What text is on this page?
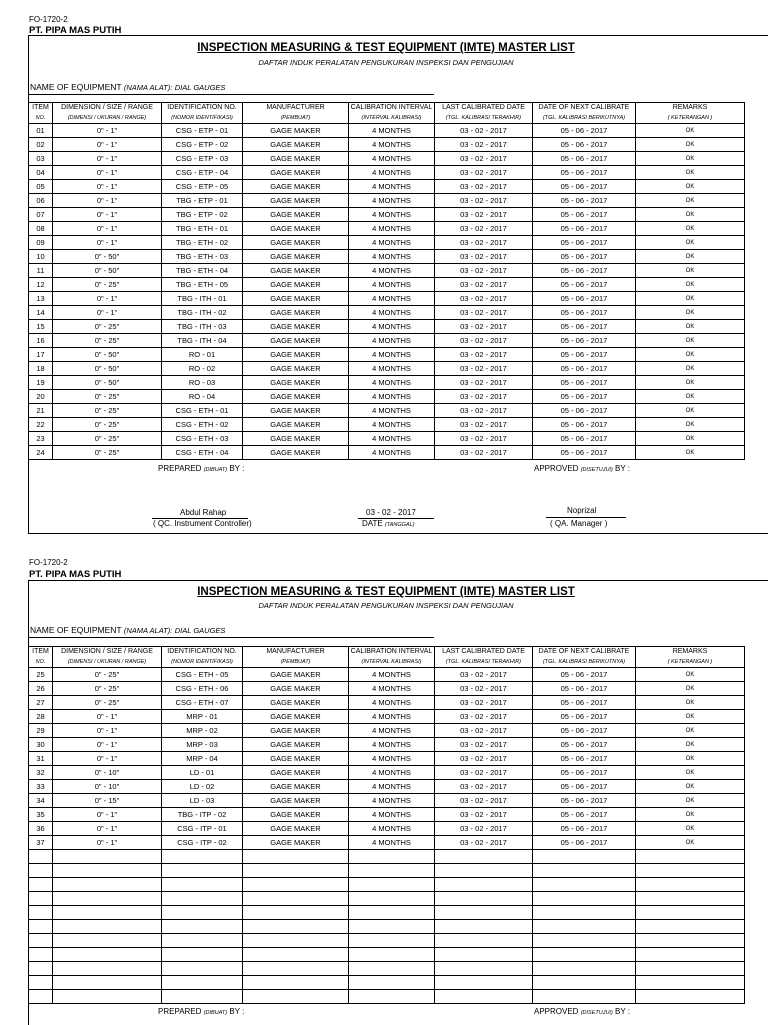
FO-1720-2
PT. PIPA MAS PUTIH
INSPECTION MEASURING & TEST EQUIPMENT (IMTE) MASTER LIST
DAFTAR INDUK PERALATAN PENGUKURAN INSPEKSI DAN PENGUJIAN
NAME OF EQUIPMENT (NAMA ALAT): DIAL GAUGES
ITEM	DIMENSION / SIZE / RANGE	IDENTIFICATION NO.	MANUFACTURER	CALIBRATION INTERVAL	LAST CALIBRATED DATE	DATE OF NEXT CALIBRATE	REMARKS
NO.	(DIMENSI / UKURAN / RANGE)	(NOMOR IDENTIFIKASI)	(PEMBUAT)	(INTERVAL KALIBRASI)	(TGL. KALIBRASI TERAKHIR)	(TGL. KALIBRASI BERIKUTNYA)	( KETERANGAN )
01	0" - 1"	CSG - ETP - 01	GAGE MAKER	4 MONTHS	03 - 02 - 2017	05 - 06 - 2017	OK
02	0" - 1"	CSG - ETP - 02	GAGE MAKER	4 MONTHS	03 - 02 - 2017	05 - 06 - 2017	OK
03	0" - 1"	CSG - ETP - 03	GAGE MAKER	4 MONTHS	03 - 02 - 2017	05 - 06 - 2017	OK
04	0" - 1"	CSG - ETP - 04	GAGE MAKER	4 MONTHS	03 - 02 - 2017	05 - 06 - 2017	OK
05	0" - 1"	CSG - ETP - 05	GAGE MAKER	4 MONTHS	03 - 02 - 2017	05 - 06 - 2017	OK
06	0" - 1"	TBG - ETP - 01	GAGE MAKER	4 MONTHS	03 - 02 - 2017	05 - 06 - 2017	OK
07	0" - 1"	TBG - ETP - 02	GAGE MAKER	4 MONTHS	03 - 02 - 2017	05 - 06 - 2017	OK
08	0" - 1"	TBG - ETH - 01	GAGE MAKER	4 MONTHS	03 - 02 - 2017	05 - 06 - 2017	OK
09	0" - 1"	TBG - ETH - 02	GAGE MAKER	4 MONTHS	03 - 02 - 2017	05 - 06 - 2017	OK
10	0" - 50"	TBG - ETH - 03	GAGE MAKER	4 MONTHS	03 - 02 - 2017	05 - 06 - 2017	OK
11	0" - 50"	TBG - ETH - 04	GAGE MAKER	4 MONTHS	03 - 02 - 2017	05 - 06 - 2017	OK
12	0" - 25"	TBG - ETH - 05	GAGE MAKER	4 MONTHS	03 - 02 - 2017	05 - 06 - 2017	OK
13	0" - 1"	TBG - ITH - 01	GAGE MAKER	4 MONTHS	03 - 02 - 2017	05 - 06 - 2017	OK
14	0" - 1"	TBG - ITH - 02	GAGE MAKER	4 MONTHS	03 - 02 - 2017	05 - 06 - 2017	OK
15	0" - 25"	TBG - ITH - 03	GAGE MAKER	4 MONTHS	03 - 02 - 2017	05 - 06 - 2017	OK
16	0" - 25"	TBG - ITH - 04	GAGE MAKER	4 MONTHS	03 - 02 - 2017	05 - 06 - 2017	OK
17	0" - 50"	RO - 01	GAGE MAKER	4 MONTHS	03 - 02 - 2017	05 - 06 - 2017	OK
18	0" - 50"	RO - 02	GAGE MAKER	4 MONTHS	03 - 02 - 2017	05 - 06 - 2017	OK
19	0" - 50"	RO - 03	GAGE MAKER	4 MONTHS	03 - 02 - 2017	05 - 06 - 2017	OK
20	0" - 25"	RO - 04	GAGE MAKER	4 MONTHS	03 - 02 - 2017	05 - 06 - 2017	OK
21	0" - 25"	CSG - ETH - 01	GAGE MAKER	4 MONTHS	03 - 02 - 2017	05 - 06 - 2017	OK
22	0" - 25"	CSG - ETH - 02	GAGE MAKER	4 MONTHS	03 - 02 - 2017	05 - 06 - 2017	OK
23	0" - 25"	CSG - ETH - 03	GAGE MAKER	4 MONTHS	03 - 02 - 2017	05 - 06 - 2017	OK
24	0" - 25"	CSG - ETH - 04	GAGE MAKER	4 MONTHS	03 - 02 - 2017	05 - 06 - 2017	OK
PREPARED (DIBUAT) BY :	APPROVED (DISETUJUI) BY :
Abdul Rahap
( QC. Instrument Controller)
03 - 02 - 2017
DATE (TANGGAL)
Noprizal
( QA. Manager )
FO-1720-2
PT. PIPA MAS PUTIH
INSPECTION MEASURING & TEST EQUIPMENT (IMTE) MASTER LIST
DAFTAR INDUK PERALATAN PENGUKURAN INSPEKSI DAN PENGUJIAN
NAME OF EQUIPMENT (NAMA ALAT): DIAL GAUGES
ITEM	DIMENSION / SIZE / RANGE	IDENTIFICATION NO.	MANUFACTURER	CALIBRATION INTERVAL	LAST CALIBRATED DATE	DATE OF NEXT CALIBRATE	REMARKS
NO.	(DIMENSI / UKURAN / RANGE)	(NOMOR IDENTIFIKASI)	(PEMBUAT)	(INTERVAL KALIBRASI)	(TGL. KALIBRASI TERAKHIR)	(TGL. KALIBRASI BERIKUTNYA)	( KETERANGAN )
25	0" - 25"	CSG - ETH - 05	GAGE MAKER	4 MONTHS	03 - 02 - 2017	05 - 06 - 2017	OK
26	0" - 25"	CSG - ETH - 06	GAGE MAKER	4 MONTHS	03 - 02 - 2017	05 - 06 - 2017	OK
27	0" - 25"	CSG - ETH - 07	GAGE MAKER	4 MONTHS	03 - 02 - 2017	05 - 06 - 2017	OK
28	0" - 1"	MRP - 01	GAGE MAKER	4 MONTHS	03 - 02 - 2017	05 - 06 - 2017	OK
29	0" - 1"	MRP - 02	GAGE MAKER	4 MONTHS	03 - 02 - 2017	05 - 06 - 2017	OK
30	0" - 1"	MRP - 03	GAGE MAKER	4 MONTHS	03 - 02 - 2017	05 - 06 - 2017	OK
31	0" - 1"	MRP - 04	GAGE MAKER	4 MONTHS	03 - 02 - 2017	05 - 06 - 2017	OK
32	0" - 10"	LD - 01	GAGE MAKER	4 MONTHS	03 - 02 - 2017	05 - 06 - 2017	OK
33	0" - 10"	LD - 02	GAGE MAKER	4 MONTHS	03 - 02 - 2017	05 - 06 - 2017	OK
34	0" - 15"	LD - 03	GAGE MAKER	4 MONTHS	03 - 02 - 2017	05 - 06 - 2017	OK
35	0" - 1"	TBG - ITP - 02	GAGE MAKER	4 MONTHS	03 - 02 - 2017	05 - 06 - 2017	OK
36	0" - 1"	CSG - ITP - 01	GAGE MAKER	4 MONTHS	03 - 02 - 2017	05 - 06 - 2017	OK
37	0" - 1"	CSG - ITP - 02	GAGE MAKER	4 MONTHS	03 - 02 - 2017	05 - 06 - 2017	OK

PREPARED (DIBUAT) BY :	APPROVED (DISETUJUI) BY :
